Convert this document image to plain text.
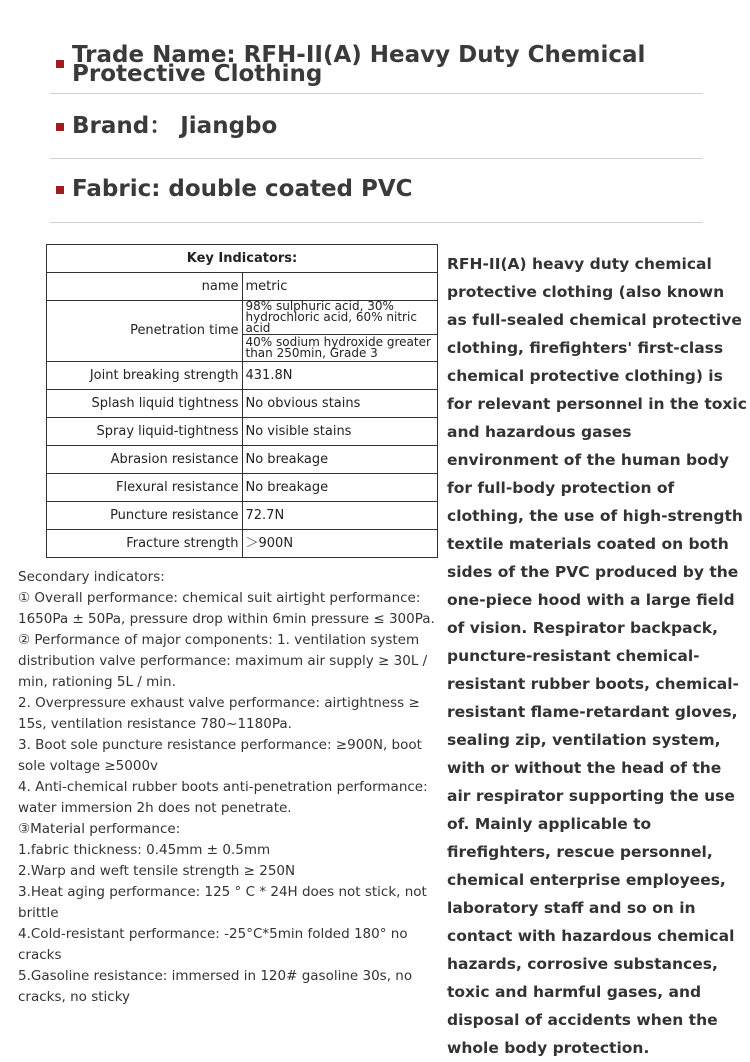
Trade Name: RFH-II(A) Heavy Duty Chemical Protective Clothing
Brand： Jiangbo
Fabric: double coated PVC
Key Indicators:	
name	metric
Penetration time	98% sulphuric acid, 30% hydrochloric acid, 60% nitric acid
	40% sodium hydroxide greater than 250min, Grade 3
Joint breaking strength	431.8N
Splash liquid tightness	No obvious stains
Spray liquid-tightness	No visible stains
Abrasion resistance	No breakage
Flexural resistance	No breakage
Puncture resistance	72.7N
Fracture strength	＞900N

Secondary indicators:

① Overall performance: chemical suit airtight performance: 1650Pa ± 50Pa, pressure drop within 6min pressure ≤ 300Pa.

② Performance of major components: 1. ventilation system distribution valve performance: maximum air supply ≥ 30L / min, rationing 5L / min.

2. Overpressure exhaust valve performance: airtightness ≥ 15s, ventilation resistance 780~1180Pa.

3. Boot sole puncture resistance performance: ≥900N, boot sole voltage ≥5000v

4. Anti-chemical rubber boots anti-penetration performance: water immersion 2h does not penetrate.

③Material performance:

1.fabric thickness: 0.45mm ± 0.5mm

2.Warp and weft tensile strength ≥ 250N

3.Heat aging performance: 125 ° C * 24H does not stick, not brittle

4.Cold-resistant performance: -25°C*5min folded 180° no cracks

5.Gasoline resistance: immersed in 120# gasoline 30s, no cracks, no sticky

RFH-II(A) heavy duty chemical protective clothing (also known as full-sealed chemical protective clothing, firefighters' first-class chemical protective clothing) is for relevant personnel in the toxic and hazardous gases environment of the human body for full-body protection of clothing, the use of high-strength textile materials coated on both sides of the PVC produced by the one-piece hood with a large field of vision. Respirator backpack, puncture-resistant chemical-resistant rubber boots, chemical-resistant flame-retardant gloves, sealing zip, ventilation system, with or without the head of the air respirator supporting the use of. Mainly applicable to firefighters, rescue personnel, chemical enterprise employees, laboratory staff and so on in contact with hazardous chemical hazards, corrosive substances, toxic and harmful gases, and disposal of accidents when the whole body protection.
